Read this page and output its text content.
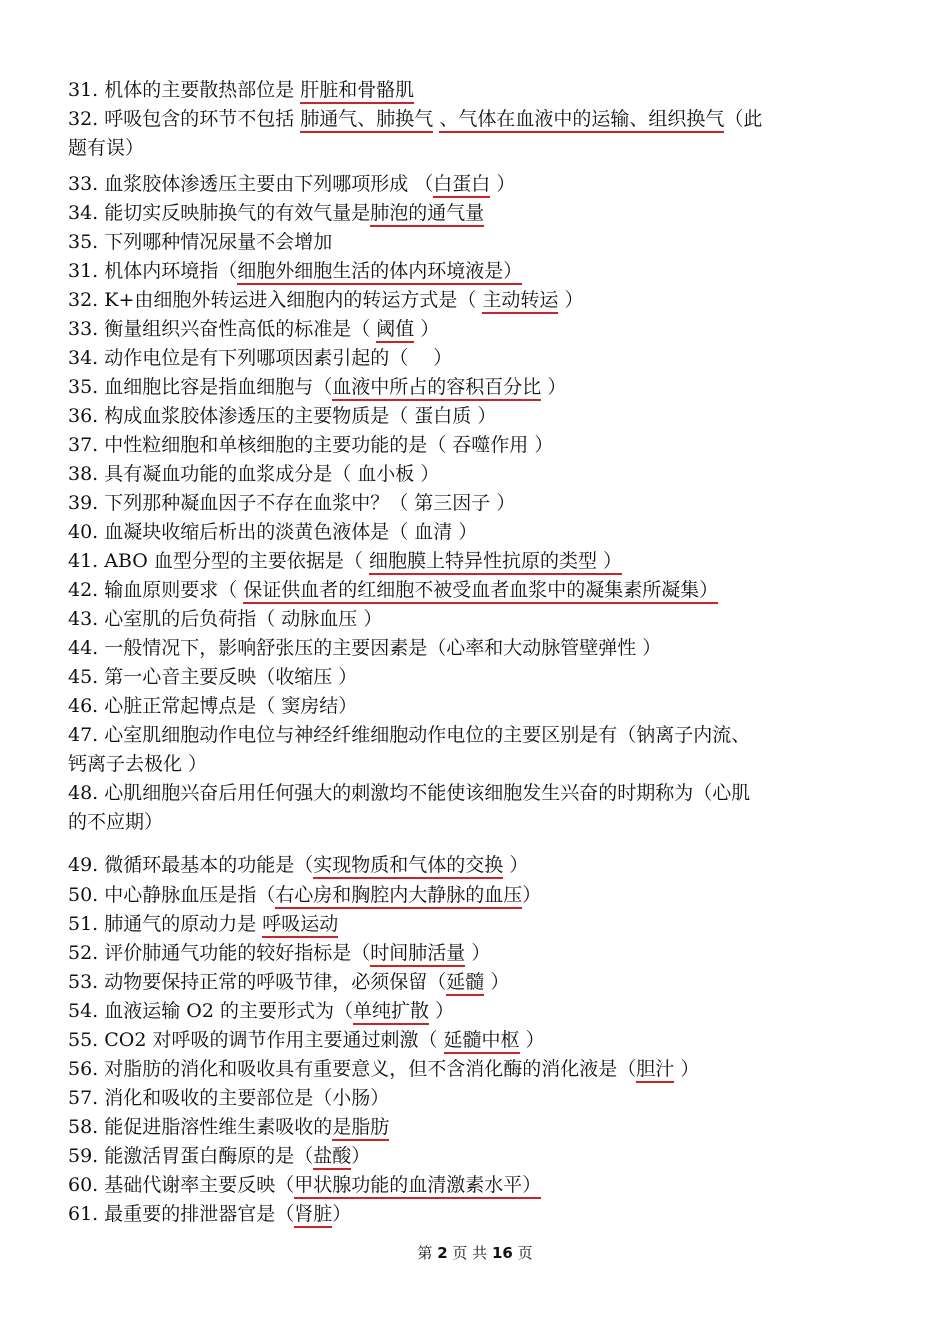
31. 机体的主要散热部位是 肝脏和骨骼肌
32. 呼吸包含的环节不包括 肺通气、肺换气 、气体在血液中的运输、组织换气（此
题有误）
33. 血浆胶体渗透压主要由下列哪项形成 （白蛋白 ）
34. 能切实反映肺换气的有效气量是肺泡的通气量
35. 下列哪种情况尿量不会增加
31. 机体内环境指（细胞外细胞生活的体内环境液是）
32. K+由细胞外转运进入细胞内的转运方式是（ 主动转运 ）
33. 衡量组织兴奋性高低的标准是（ 阈值 ）
34. 动作电位是有下列哪项因素引起的（　 ）
35. 血细胞比容是指血细胞与（血液中所占的容积百分比 ）
36. 构成血浆胶体渗透压的主要物质是（ 蛋白质 ）
37. 中性粒细胞和单核细胞的主要功能的是（ 吞噬作用 ）
38. 具有凝血功能的血浆成分是（ 血小板 ）
39. 下列那种凝血因子不存在血浆中？（ 第三因子 ）
40. 血凝块收缩后析出的淡黄色液体是（ 血清 ）
41. ABO 血型分型的主要依据是（ 细胞膜上特异性抗原的类型 ）
42. 输血原则要求（ 保证供血者的红细胞不被受血者血浆中的凝集素所凝集）
43. 心室肌的后负荷指（ 动脉血压 ）
44. 一般情况下，影响舒张压的主要因素是（心率和大动脉管壁弹性 ）
45. 第一心音主要反映（收缩压 ）
46. 心脏正常起博点是（ 窦房结）
47. 心室肌细胞动作电位与神经纤维细胞动作电位的主要区别是有（钠离子内流、
钙离子去极化 ）
48. 心肌细胞兴奋后用任何强大的刺激均不能使该细胞发生兴奋的时期称为（心肌
的不应期）
49. 微循环最基本的功能是（实现物质和气体的交换 ）
50. 中心静脉血压是指（右心房和胸腔内大静脉的血压）
51. 肺通气的原动力是 呼吸运动
52. 评价肺通气功能的较好指标是（时间肺活量 ）
53. 动物要保持正常的呼吸节律，必须保留（延髓 ）
54. 血液运输 O2 的主要形式为（单纯扩散 ）
55. CO2 对呼吸的调节作用主要通过刺激（ 延髓中枢 ）
56. 对脂肪的消化和吸收具有重要意义，但不含消化酶的消化液是（胆汁 ）
57. 消化和吸收的主要部位是（小肠）
58. 能促进脂溶性维生素吸收的是脂肪
59. 能激活胃蛋白酶原的是（盐酸）
60. 基础代谢率主要反映（甲状腺功能的血清激素水平）
61. 最重要的排泄器官是（肾脏）
第 2 页 共 16 页
